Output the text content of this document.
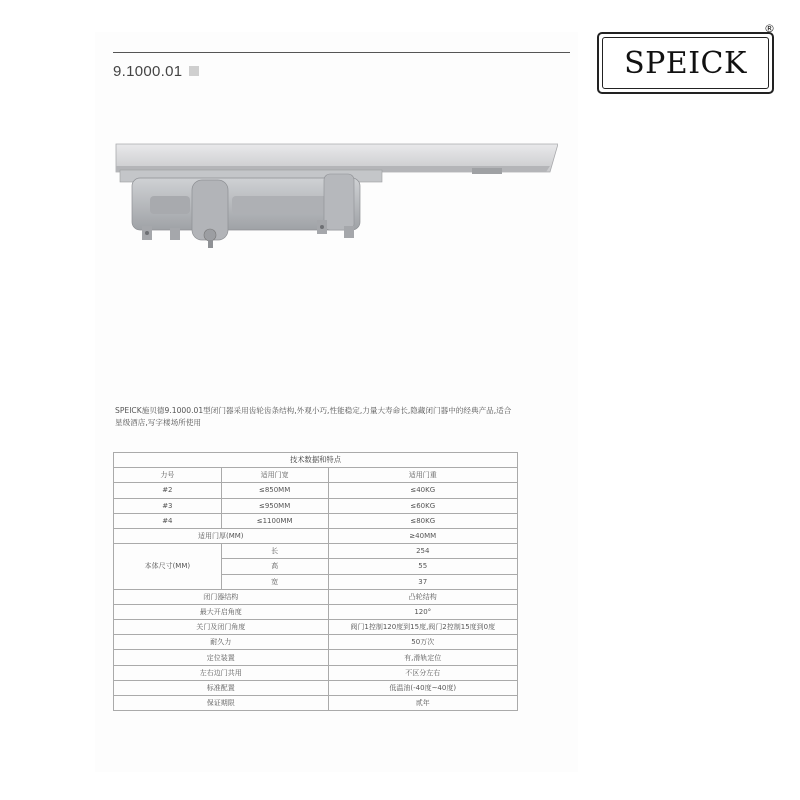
9.1000.01	SPEICK
®
SPEICK施贝德9.1000.01型闭门器采用齿轮齿条结构,外观小巧,性能稳定,力量大寿命长,隐藏闭门器中的经典产品,适合星级酒店,写字楼场所使用
技术数据和特点		
力号	适用门宽	适用门重
#2	≤850MM	≤40KG
#3	≤950MM	≤60KG
#4	≤1100MM	≤80KG
适用门厚(MM)		≥40MM
本体尺寸(MM)	长	254
	高	55
	宽	37
闭门器结构		凸轮结构
最大开启角度		120°
关门及闭门角度		阀门1控制120度到15度,阀门2控制15度到0度
耐久力		50万次
定位装置		有,滑轨定位
左右边门共用		不区分左右
标准配置		低温油(-40度~40度)
保证期限		贰年
